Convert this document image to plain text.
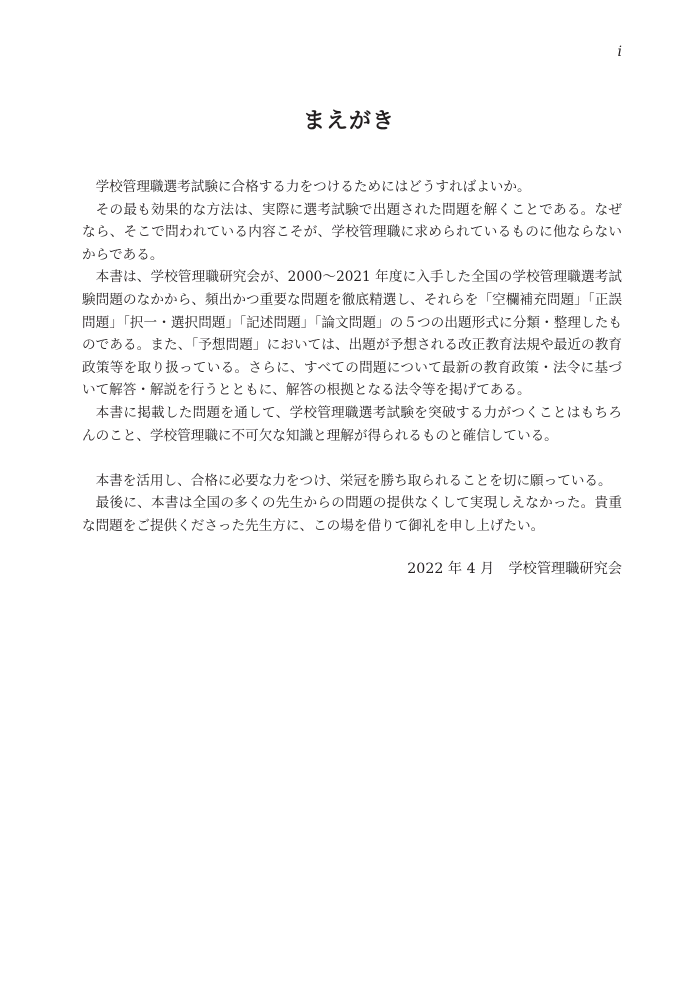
i
まえがき

学校管理職選考試験に合格する力をつけるためにはどうすればよいか。

その最も効果的な方法は、実際に選考試験で出題された問題を解くことである。なぜなら、そこで問われている内容こそが、学校管理職に求められているものに他ならないからである。

本書は、学校管理職研究会が、2000～2021 年度に入手した全国の学校管理職選考試験問題のなかから、頻出かつ重要な問題を徹底精選し、それらを「空欄補充問題」「正誤問題」「択一・選択問題」「記述問題」「論文問題」の５つの出題形式に分類・整理したものである。また、「予想問題」においては、出題が予想される改正教育法規や最近の教育政策等を取り扱っている。さらに、すべての問題について最新の教育政策・法令に基づいて解答・解説を行うとともに、解答の根拠となる法令等を掲げてある。

本書に掲載した問題を通して、学校管理職選考試験を突破する力がつくことはもちろんのこと、学校管理職に不可欠な知識と理解が得られるものと確信している。

本書を活用し、合格に必要な力をつけ、栄冠を勝ち取られることを切に願っている。

最後に、本書は全国の多くの先生からの問題の提供なくして実現しえなかった。貴重な問題をご提供くださった先生方に、この場を借りて御礼を申し上げたい。

2022 年 4 月　学校管理職研究会
